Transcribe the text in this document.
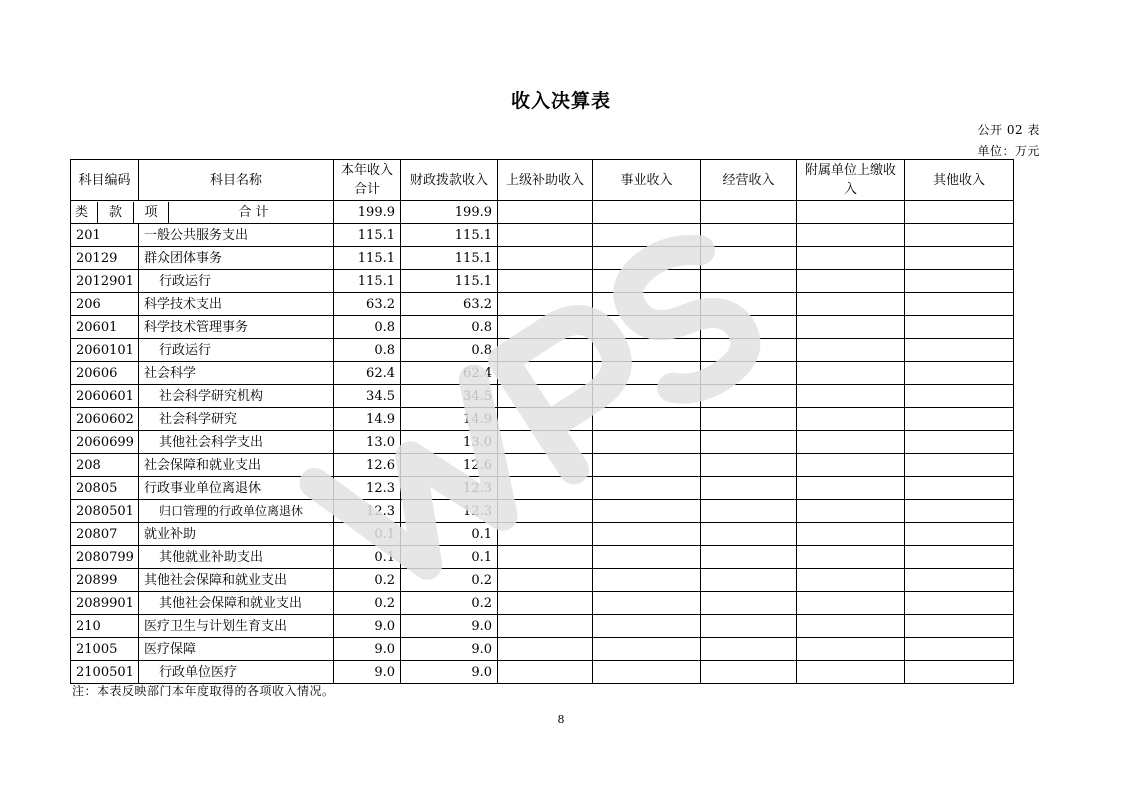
收入决算表
公开 02 表
单位：万元
科目编码	科目名称	本年收入合计	财政拨款收入	上级补助收入	事业收入	经营收入	附属单位上缴收入	其他收入

类 款 项 合 计		199.9	199.9					
201	一般公共服务支出	115.1	115.1					
20129	群众团体事务	115.1	115.1					
2012901	行政运行	115.1	115.1					
206	科学技术支出	63.2	63.2					
20601	科学技术管理事务	0.8	0.8					
2060101	行政运行	0.8	0.8					
20606	社会科学	62.4	62.4					
2060601	社会科学研究机构	34.5	34.5					
2060602	社会科学研究	14.9	14.9					
2060699	其他社会科学支出	13.0	13.0					
208	社会保障和就业支出	12.6	12.6					
20805	行政事业单位离退休	12.3	12.3					
2080501	归口管理的行政单位离退休	12.3	12.3					
20807	就业补助	0.1	0.1					
2080799	其他就业补助支出	0.1	0.1					
20899	其他社会保障和就业支出	0.2	0.2					
2089901	其他社会保障和就业支出	0.2	0.2					
210	医疗卫生与计划生育支出	9.0	9.0					
21005	医疗保障	9.0	9.0					
2100501	行政单位医疗	9.0	9.0					
注：本表反映部门本年度取得的各项收入情况。
8
